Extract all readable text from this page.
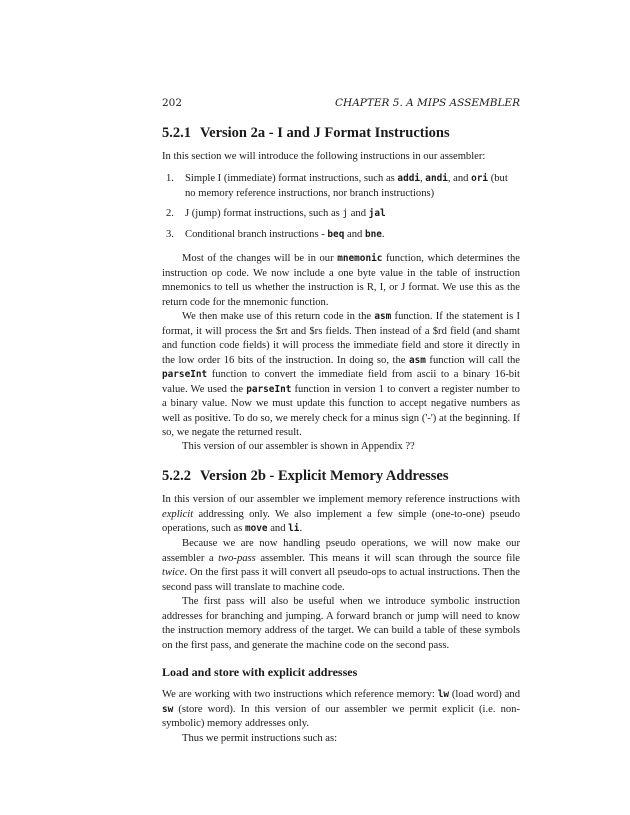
202	CHAPTER 5. A MIPS ASSEMBLER
5.2.1 Version 2a - I and J Format Instructions
In this section we will introduce the following instructions in our assembler:
1. Simple I (immediate) format instructions, such as addi, andi, and ori (but no memory reference instructions, nor branch instructions)
2. J (jump) format instructions, such as j and jal
3. Conditional branch instructions - beq and bne.
Most of the changes will be in our mnemonic function, which determines the instruction op code. We now include a one byte value in the table of instruction mnemonics to tell us whether the instruction is R, I, or J format. We use this as the return code for the mnemonic function.
We then make use of this return code in the asm function. If the statement is I format, it will process the $rt and $rs fields. Then instead of a $rd field (and shamt and function code fields) it will process the immediate field and store it directly in the low order 16 bits of the instruction. In doing so, the asm function will call the parseInt function to convert the immediate field from ascii to a binary 16-bit value. We used the parseInt function in version 1 to convert a register number to a binary value. Now we must update this function to accept negative numbers as well as positive. To do so, we merely check for a minus sign ('-') at the beginning. If so, we negate the returned result.
This version of our assembler is shown in Appendix ??
5.2.2 Version 2b - Explicit Memory Addresses
In this version of our assembler we implement memory reference instructions with explicit addressing only. We also implement a few simple (one-to-one) pseudo operations, such as move and li.
Because we are now handling pseudo operations, we will now make our assembler a two-pass assembler. This means it will scan through the source file twice. On the first pass it will convert all pseudo-ops to actual instructions. Then the second pass will translate to machine code.
The first pass will also be useful when we introduce symbolic instruction addresses for branching and jumping. A forward branch or jump will need to know the instruction memory address of the target. We can build a table of these symbols on the first pass, and generate the machine code on the second pass.
Load and store with explicit addresses
We are working with two instructions which reference memory: lw (load word) and sw (store word). In this version of our assembler we permit explicit (i.e. non-symbolic) memory addresses only.
Thus we permit instructions such as:
